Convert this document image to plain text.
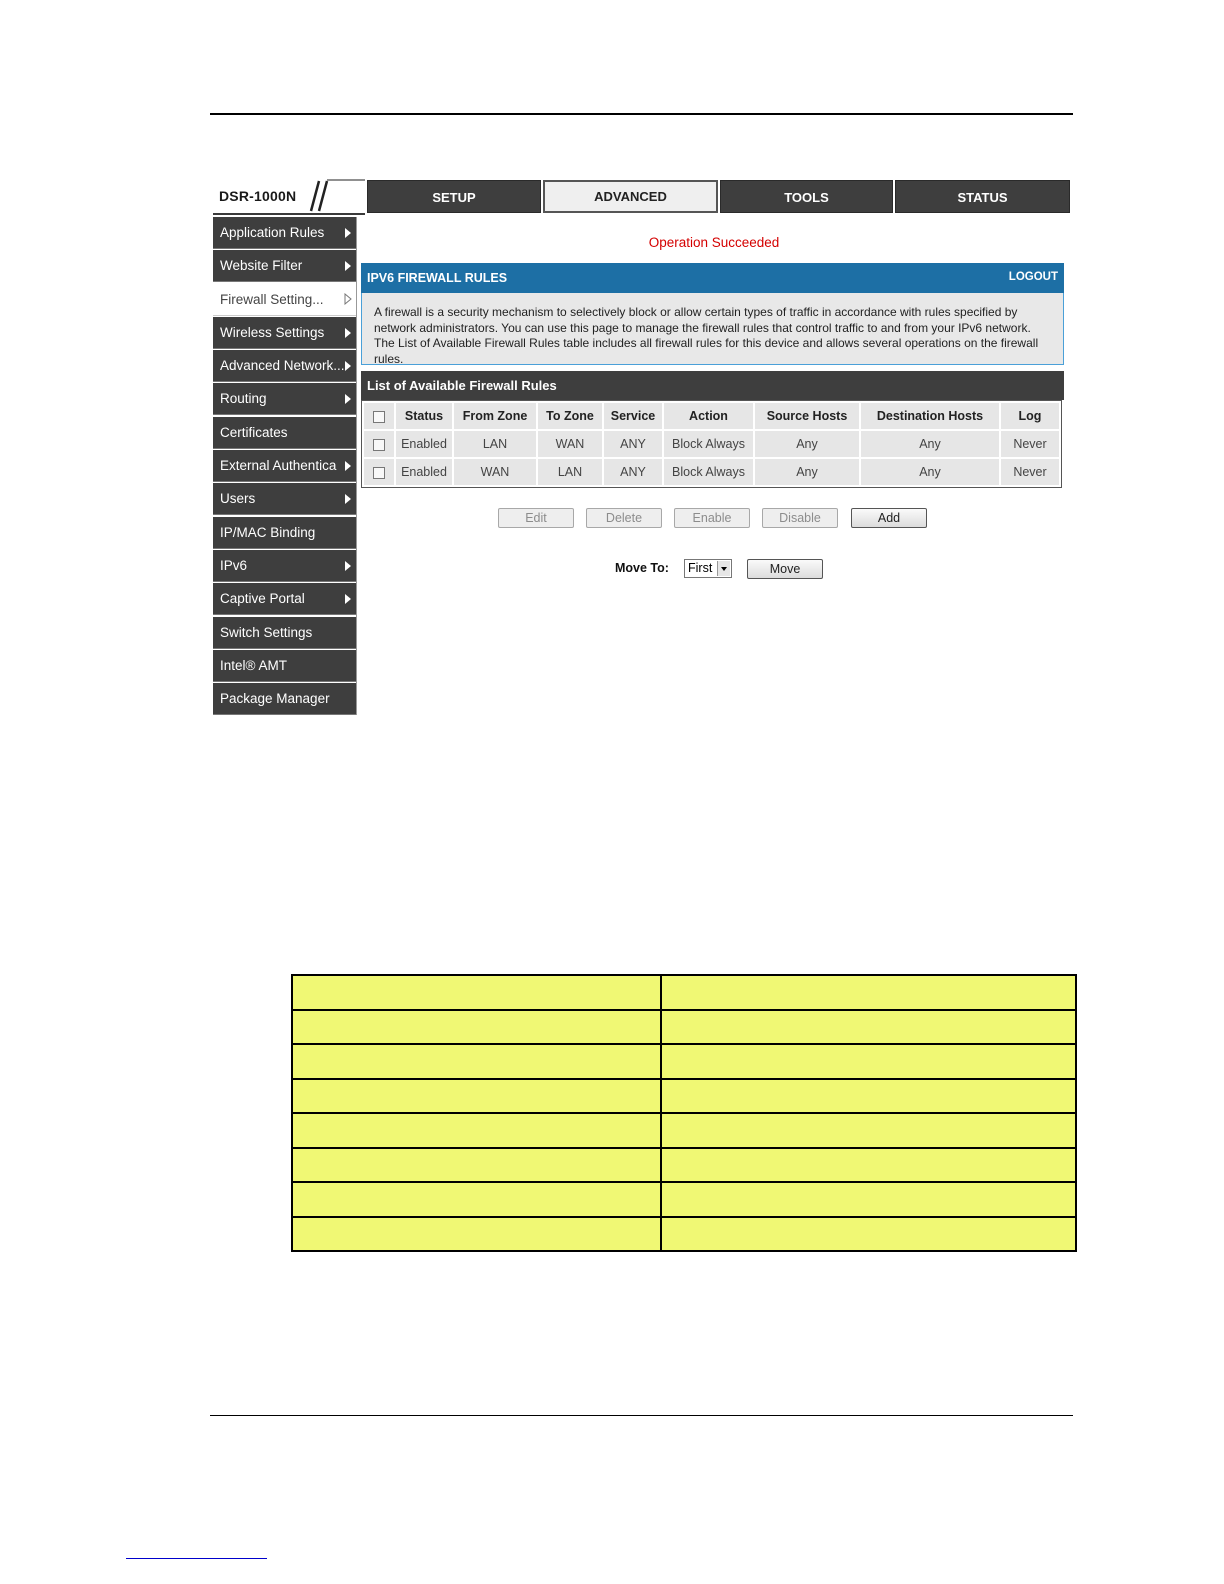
DSR-1000N	SETUP	ADVANCED	TOOLS	STATUS
Application Rules
Website Filter
Firewall Setting...
Wireless Settings
Advanced Network...
Routing
Certificates
External Authentica
Users
IP/MAC Binding
IPv6
Captive Portal
Switch Settings
Intel® AMT
Package Manager
Operation Succeeded
IPV6 FIREWALL RULES	LOGOUT
A firewall is a security mechanism to selectively block or allow certain types of traffic in accordance with rules specified by network administrators. You can use this page to manage the firewall rules that control traffic to and from your IPv6 network. The List of Available Firewall Rules table includes all firewall rules for this device and allows several operations on the firewall rules.
List of Available Firewall Rules
	Status	From Zone	To Zone	Service	Action	Source Hosts	Destination Hosts	Log
	Enabled	LAN	WAN	ANY	Block Always	Any	Any	Never
	Enabled	WAN	LAN	ANY	Block Always	Any	Any	Never
Edit	Delete	Enable	Disable	Add
Move To: First	Move
